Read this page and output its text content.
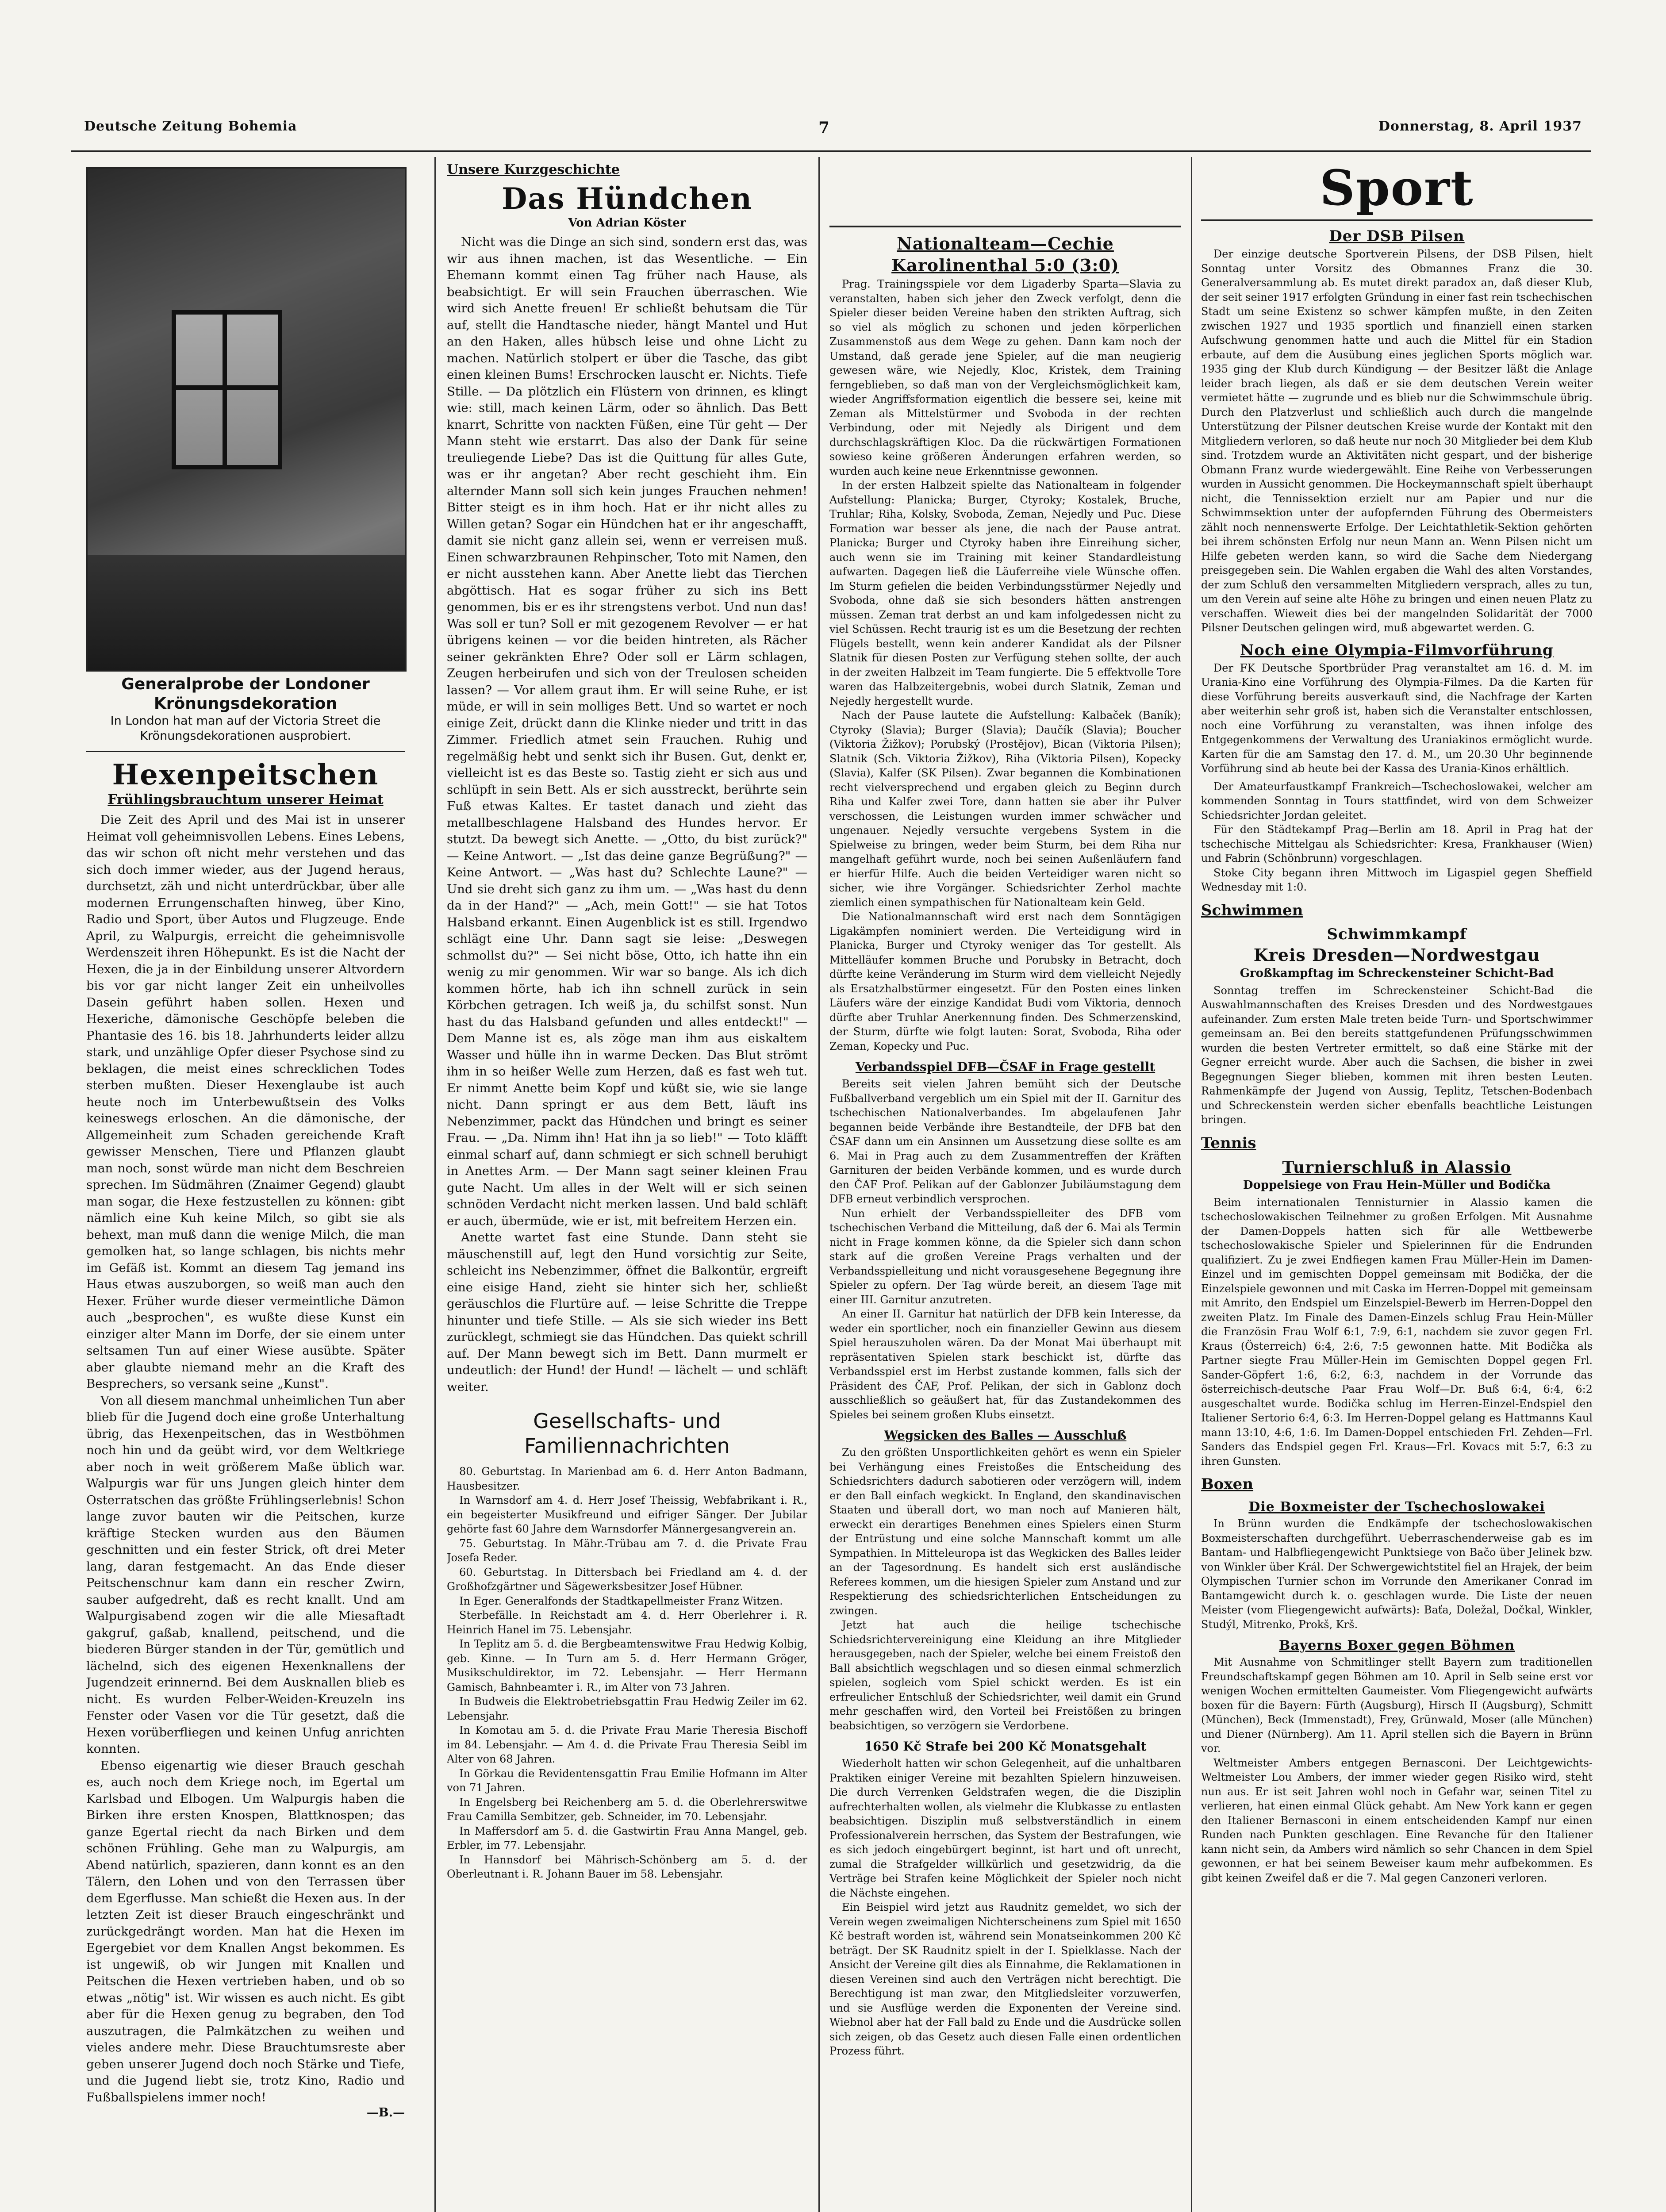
Deutsche Zeitung Bohemia	7	Donnerstag, 8. April 1937
Generalprobe der Londoner Krönungsdekoration
In London hat man auf der Victoria Street die Krönungsdekorationen ausprobiert.
Hexenpeitschen
Frühlingsbrauchtum unserer Heimat

Die Zeit des April und des Mai ist in unserer Heimat voll geheimnisvollen Lebens. Eines Lebens, das wir schon oft nicht mehr verstehen und das sich doch immer wieder, aus der Jugend heraus, durchsetzt, zäh und nicht unterdrückbar, über alle modernen Errungenschaften hinweg, über Kino, Radio und Sport, über Autos und Flugzeuge. Ende April, zu Walpurgis, erreicht die geheimnisvolle Werdenszeit ihren Höhepunkt. Es ist die Nacht der Hexen, die ja in der Einbildung unserer Altvordern bis vor gar nicht langer Zeit ein unheilvolles Dasein geführt haben sollen. Hexen und Hexeriche, dämonische Geschöpfe beleben die Phantasie des 16. bis 18. Jahrhunderts leider allzu stark, und unzählige Opfer dieser Psychose sind zu beklagen, die meist eines schrecklichen Todes sterben mußten. Dieser Hexenglaube ist auch heute noch im Unterbewußtsein des Volks keineswegs erloschen. An die dämonische, der Allgemeinheit zum Schaden gereichende Kraft gewisser Menschen, Tiere und Pflanzen glaubt man noch, sonst würde man nicht dem Beschreien sprechen. Im Südmähren (Znaimer Gegend) glaubt man sogar, die Hexe festzustellen zu können: gibt nämlich eine Kuh keine Milch, so gibt sie als behext, man muß dann die wenige Milch, die man gemolken hat, so lange schlagen, bis nichts mehr im Gefäß ist. Kommt an diesem Tag jemand ins Haus etwas auszuborgen, so weiß man auch den Hexer. Früher wurde dieser vermeintliche Dämon auch „besprochen", es wußte diese Kunst ein einziger alter Mann im Dorfe, der sie einem unter seltsamen Tun auf einer Wiese ausübte. Später aber glaubte niemand mehr an die Kraft des Besprechers, so versank seine „Kunst".

Von all diesem manchmal unheimlichen Tun aber blieb für die Jugend doch eine große Unterhaltung übrig, das Hexenpeitschen, das in Westböhmen noch hin und da geübt wird, vor dem Weltkriege aber noch in weit größerem Maße üblich war. Walpurgis war für uns Jungen gleich hinter dem Osterratschen das größte Frühlingserlebnis! Schon lange zuvor bauten wir die Peitschen, kurze kräftige Stecken wurden aus den Bäumen geschnitten und ein fester Strick, oft drei Meter lang, daran festgemacht. An das Ende dieser Peitschenschnur kam dann ein rescher Zwirn, sauber aufgedreht, daß es recht knallt. Und am Walpurgisabend zogen wir die alle Miesaftadt gakgruf, gaßab, knallend, peitschend, und die biederen Bürger standen in der Tür, gemütlich und lächelnd, sich des eigenen Hexenknallens der Jugendzeit erinnernd. Bei dem Ausknallen blieb es nicht. Es wurden Felber-Weiden-Kreuzeln ins Fenster oder Vasen vor die Tür gesetzt, daß die Hexen vorüberfliegen und keinen Unfug anrichten konnten.

Ebenso eigenartig wie dieser Brauch geschah es, auch noch dem Kriege noch, im Egertal um Karlsbad und Elbogen. Um Walpurgis haben die Birken ihre ersten Knospen, Blattknospen; das ganze Egertal riecht da nach Birken und dem schönen Frühling. Gehe man zu Walpurgis, am Abend natürlich, spazieren, dann konnt es an den Tälern, den Lohen und von den Terrassen über dem Egerflusse. Man schießt die Hexen aus. In der letzten Zeit ist dieser Brauch eingeschränkt und zurückgedrängt worden. Man hat die Hexen im Egergebiet vor dem Knallen Angst bekommen. Es ist ungewiß, ob wir Jungen mit Knallen und Peitschen die Hexen vertrieben haben, und ob so etwas „nötig" ist. Wir wissen es auch nicht. Es gibt aber für die Hexen genug zu begraben, den Tod auszutragen, die Palmkätzchen zu weihen und vieles andere mehr. Diese Brauchtumsreste aber geben unserer Jugend doch noch Stärke und Tiefe, und die Jugend liebt sie, trotz Kino, Radio und Fußballspielens immer noch!

—B.—
Unsere Kurzgeschichte
Das Hündchen
Von Adrian Köster

Nicht was die Dinge an sich sind, sondern erst das, was wir aus ihnen machen, ist das Wesentliche. — Ein Ehemann kommt einen Tag früher nach Hause, als beabsichtigt. Er will sein Frauchen überraschen. Wie wird sich Anette freuen! Er schließt behutsam die Tür auf, stellt die Handtasche nieder, hängt Mantel und Hut an den Haken, alles hübsch leise und ohne Licht zu machen. Natürlich stolpert er über die Tasche, das gibt einen kleinen Bums! Erschrocken lauscht er. Nichts. Tiefe Stille. — Da plötzlich ein Flüstern von drinnen, es klingt wie: still, mach keinen Lärm, oder so ähnlich. Das Bett knarrt, Schritte von nackten Füßen, eine Tür geht — Der Mann steht wie erstarrt. Das also der Dank für seine treuliegende Liebe? Das ist die Quittung für alles Gute, was er ihr angetan? Aber recht geschieht ihm. Ein alternder Mann soll sich kein junges Frauchen nehmen! Bitter steigt es in ihm hoch. Hat er ihr nicht alles zu Willen getan? Sogar ein Hündchen hat er ihr angeschafft, damit sie nicht ganz allein sei, wenn er verreisen muß. Einen schwarzbraunen Rehpinscher, Toto mit Namen, den er nicht ausstehen kann. Aber Anette liebt das Tierchen abgöttisch. Hat es sogar früher zu sich ins Bett genommen, bis er es ihr strengstens verbot. Und nun das! Was soll er tun? Soll er mit gezogenem Revolver — er hat übrigens keinen — vor die beiden hintreten, als Rächer seiner gekränkten Ehre? Oder soll er Lärm schlagen, Zeugen herbeirufen und sich von der Treulosen scheiden lassen? — Vor allem graut ihm. Er will seine Ruhe, er ist müde, er will in sein molliges Bett. Und so wartet er noch einige Zeit, drückt dann die Klinke nieder und tritt in das Zimmer. Friedlich atmet sein Frauchen. Ruhig und regelmäßig hebt und senkt sich ihr Busen. Gut, denkt er, vielleicht ist es das Beste so. Tastig zieht er sich aus und schlüpft in sein Bett. Als er sich ausstreckt, berührte sein Fuß etwas Kaltes. Er tastet danach und zieht das metallbeschlagene Halsband des Hundes hervor. Er stutzt. Da bewegt sich Anette. — „Otto, du bist zurück?" — Keine Antwort. — „Ist das deine ganze Begrüßung?" — Keine Antwort. — „Was hast du? Schlechte Laune?" — Und sie dreht sich ganz zu ihm um. — „Was hast du denn da in der Hand?" — „Ach, mein Gott!" — sie hat Totos Halsband erkannt. Einen Augenblick ist es still. Irgendwo schlägt eine Uhr. Dann sagt sie leise: „Deswegen schmollst du?" — Sei nicht böse, Otto, ich hatte ihn ein wenig zu mir genommen. Wir war so bange. Als ich dich kommen hörte, hab ich ihn schnell zurück in sein Körbchen getragen. Ich weiß ja, du schilfst sonst. Nun hast du das Halsband gefunden und alles entdeckt!" — Dem Manne ist es, als zöge man ihm aus eiskaltem Wasser und hülle ihn in warme Decken. Das Blut strömt ihm in so heißer Welle zum Herzen, daß es fast weh tut. Er nimmt Anette beim Kopf und küßt sie, wie sie lange nicht. Dann springt er aus dem Bett, läuft ins Nebenzimmer, packt das Hündchen und bringt es seiner Frau. — „Da. Nimm ihn! Hat ihn ja so lieb!" — Toto kläfft einmal scharf auf, dann schmiegt er sich schnell beruhigt in Anettes Arm. — Der Mann sagt seiner kleinen Frau gute Nacht. Um alles in der Welt will er sich seinen schnöden Verdacht nicht merken lassen. Und bald schläft er auch, übermüde, wie er ist, mit befreitem Herzen ein.

Anette wartet fast eine Stunde. Dann steht sie mäuschenstill auf, legt den Hund vorsichtig zur Seite, schleicht ins Nebenzimmer, öffnet die Balkontür, ergreift eine eisige Hand, zieht sie hinter sich her, schließt geräuschlos die Flurtüre auf. — leise Schritte die Treppe hinunter und tiefe Stille. — Als sie sich wieder ins Bett zurücklegt, schmiegt sie das Hündchen. Das quiekt schrill auf. Der Mann bewegt sich im Bett. Dann murmelt er undeutlich: der Hund! der Hund! — lächelt — und schläft weiter.

Gesellschafts- und Familiennachrichten

80. Geburtstag. In Marienbad am 6. d. Herr Anton Badmann, Hausbesitzer.

In Warnsdorf am 4. d. Herr Josef Theissig, Webfabrikant i. R., ein begeisterter Musikfreund und eifriger Sänger. Der Jubilar gehörte fast 60 Jahre dem Warnsdorfer Männergesangverein an.

75. Geburtstag. In Mähr.-Trübau am 7. d. die Private Frau Josefa Reder.

60. Geburtstag. In Dittersbach bei Friedland am 4. d. der Großhofzgärtner und Sägewerksbesitzer Josef Hübner.

In Eger. Generalfonds der Stadtkapellmeister Franz Witzen.

Sterbefälle. In Reichstadt am 4. d. Herr Oberlehrer i. R. Heinrich Hanel im 75. Lebensjahr.

In Teplitz am 5. d. die Bergbeamtenswitwe Frau Hedwig Kolbig, geb. Kinne. — In Turn am 5. d. Herr Hermann Gröger, Musikschuldirektor, im 72. Lebensjahr. — Herr Hermann Gamisch, Bahnbeamter i. R., im Alter von 73 Jahren.

In Budweis die Elektrobetriebsgattin Frau Hedwig Zeiler im 62. Lebensjahr.

In Komotau am 5. d. die Private Frau Marie Theresia Bischoff im 84. Lebensjahr. — Am 4. d. die Private Frau Theresia Seibl im Alter von 68 Jahren.

In Görkau die Revidentensgattin Frau Emilie Hofmann im Alter von 71 Jahren.

In Engelsberg bei Reichenberg am 5. d. die Oberlehrerswitwe Frau Camilla Sembitzer, geb. Schneider, im 70. Lebensjahr.

In Maffersdorf am 5. d. die Gastwirtin Frau Anna Mangel, geb. Erbler, im 77. Lebensjahr.

In Hannsdorf bei Mährisch-Schönberg am 5. d. der Oberleutnant i. R. Johann Bauer im 58. Lebensjahr.

Nationalteam—Cechie
Karolinenthal 5:0 (3:0)

Prag. Trainingsspiele vor dem Ligaderby Sparta—Slavia zu veranstalten, haben sich jeher den Zweck verfolgt, denn die Spieler dieser beiden Vereine haben den strikten Auftrag, sich so viel als möglich zu schonen und jeden körperlichen Zusammenstoß aus dem Wege zu gehen. Dann kam noch der Umstand, daß gerade jene Spieler, auf die man neugierig gewesen wäre, wie Nejedly, Kloc, Kristek, dem Training ferngeblieben, so daß man von der Vergleichsmöglichkeit kam, wieder Angriffsformation eigentlich die bessere sei, keine mit Zeman als Mittelstürmer und Svoboda in der rechten Verbindung, oder mit Nejedly als Dirigent und dem durchschlagskräftigen Kloc. Da die rückwärtigen Formationen sowieso keine größeren Änderungen erfahren werden, so wurden auch keine neue Erkenntnisse gewonnen.

In der ersten Halbzeit spielte das Nationalteam in folgender Aufstellung: Planicka; Burger, Ctyroky; Kostalek, Bruche, Truhlar; Riha, Kolsky, Svoboda, Zeman, Nejedly und Puc. Diese Formation war besser als jene, die nach der Pause antrat. Planicka; Burger und Ctyroky haben ihre Einreihung sicher, auch wenn sie im Training mit keiner Standardleistung aufwarten. Dagegen ließ die Läuferreihe viele Wünsche offen. Im Sturm gefielen die beiden Verbindungsstürmer Nejedly und Svoboda, ohne daß sie sich besonders hätten anstrengen müssen. Zeman trat derbst an und kam infolgedessen nicht zu viel Schüssen. Recht traurig ist es um die Besetzung der rechten Flügels bestellt, wenn kein anderer Kandidat als der Pilsner Slatnik für diesen Posten zur Verfügung stehen sollte, der auch in der zweiten Halbzeit im Team fungierte. Die 5 effektvolle Tore waren das Halbzeitergebnis, wobei durch Slatnik, Zeman und Nejedly hergestellt wurde.

Nach der Pause lautete die Aufstellung: Kalbaček (Baník); Ctyroky (Slavia); Burger (Slavia); Daučík (Slavia); Boucher (Viktoria Žižkov); Porubský (Prostějov), Bican (Viktoria Pilsen); Slatnik (Sch. Viktoria Žižkov), Riha (Viktoria Pilsen), Kopecky (Slavia), Kalfer (SK Pilsen). Zwar begannen die Kombinationen recht vielversprechend und ergaben gleich zu Beginn durch Riha und Kalfer zwei Tore, dann hatten sie aber ihr Pulver verschossen, die Leistungen wurden immer schwächer und ungenauer. Nejedly versuchte vergebens System in die Spielweise zu bringen, weder beim Sturm, bei dem Riha nur mangelhaft geführt wurde, noch bei seinen Außenläufern fand er hierfür Hilfe. Auch die beiden Verteidiger waren nicht so sicher, wie ihre Vorgänger. Schiedsrichter Zerhol machte ziemlich einen sympathischen für Nationalteam kein Geld.

Die Nationalmannschaft wird erst nach dem Sonntägigen Ligakämpfen nominiert werden. Die Verteidigung wird in Planicka, Burger und Ctyroky weniger das Tor gestellt. Als Mittelläufer kommen Bruche und Porubsky in Betracht, doch dürfte keine Veränderung im Sturm wird dem vielleicht Nejedly als Ersatzhalbstürmer eingesetzt. Für den Posten eines linken Läufers wäre der einzige Kandidat Budi vom Viktoria, dennoch dürfte aber Truhlar Anerkennung finden. Des Schmerzenskind, der Sturm, dürfte wie folgt lauten: Sorat, Svoboda, Riha oder Zeman, Kopecky und Puc.

Verbandsspiel DFB—ČSAF in Frage gestellt

Bereits seit vielen Jahren bemüht sich der Deutsche Fußballverband vergeblich um ein Spiel mit der II. Garnitur des tschechischen Nationalverbandes. Im abgelaufenen Jahr begannen beide Verbände ihre Bestandteile, der DFB bat den ČSAF dann um ein Ansinnen um Aussetzung diese sollte es am 6. Mai in Prag auch zu dem Zusammentreffen der Kräften Garnituren der beiden Verbände kommen, und es wurde durch den ČAF Prof. Pelikan auf der Gablonzer Jubiläumstagung dem DFB erneut verbindlich versprochen.

Nun erhielt der Verbandsspielleiter des DFB vom tschechischen Verband die Mitteilung, daß der 6. Mai als Termin nicht in Frage kommen könne, da die Spieler sich dann schon stark auf die großen Vereine Prags verhalten und der Verbandsspielleitung und nicht vorausgesehene Begegnung ihre Spieler zu opfern. Der Tag würde bereit, an diesem Tage mit einer III. Garnitur anzutreten.

An einer II. Garnitur hat natürlich der DFB kein Interesse, da weder ein sportlicher, noch ein finanzieller Gewinn aus diesem Spiel herauszuholen wären. Da der Monat Mai überhaupt mit repräsentativen Spielen stark beschickt ist, dürfte das Verbandsspiel erst im Herbst zustande kommen, falls sich der Präsident des ČAF, Prof. Pelikan, der sich in Gablonz doch ausschließlich so geäußert hat, für das Zustandekommen des Spieles bei seinem großen Klubs einsetzt.

Wegsicken des Balles — Ausschluß

Zu den größten Unsportlichkeiten gehört es wenn ein Spieler bei Verhängung eines Freistoßes die Entscheidung des Schiedsrichters dadurch sabotieren oder verzögern will, indem er den Ball einfach wegkickt. In England, den skandinavischen Staaten und überall dort, wo man noch auf Manieren hält, erweckt ein derartiges Benehmen eines Spielers einen Sturm der Entrüstung und eine solche Mannschaft kommt um alle Sympathien. In Mitteleuropa ist das Wegkicken des Balles leider an der Tagesordnung. Es handelt sich erst ausländische Referees kommen, um die hiesigen Spieler zum Anstand und zur Respektierung des schiedsrichterlichen Entscheidungen zu zwingen.

Jetzt hat auch die heilige tschechische Schiedsrichtervereinigung eine Kleidung an ihre Mitglieder herausgegeben, nach der Spieler, welche bei einem Freistoß den Ball absichtlich wegschlagen und so diesen einmal schmerzlich spielen, sogleich vom Spiel schickt werden. Es ist ein erfreulicher Entschluß der Schiedsrichter, weil damit ein Grund mehr geschaffen wird, den Vorteil bei Freistößen zu bringen beabsichtigen, so verzögern sie Verdorbene.

1650 Kč Strafe bei 200 Kč Monatsgehalt

Wiederholt hatten wir schon Gelegenheit, auf die unhaltbaren Praktiken einiger Vereine mit bezahlten Spielern hinzuweisen. Die durch Verrenken Geldstrafen wegen, die die Disziplin aufrechterhalten wollen, als vielmehr die Klubkasse zu entlasten beabsichtigen. Disziplin muß selbstverständlich in einem Professionalverein herrschen, das System der Bestrafungen, wie es sich jedoch eingebürgert beginnt, ist hart und oft unrecht, zumal die Strafgelder willkürlich und gesetzwidrig, da die Verträge bei Strafen keine Möglichkeit der Spieler noch nicht die Nächste eingehen.

Ein Beispiel wird jetzt aus Raudnitz gemeldet, wo sich der Verein wegen zweimaligen Nichterscheinens zum Spiel mit 1650 Kč bestraft worden ist, während sein Monatseinkommen 200 Kč beträgt. Der SK Raudnitz spielt in der I. Spielklasse. Nach der Ansicht der Vereine gilt dies als Einnahme, die Reklamationen in diesen Vereinen sind auch den Verträgen nicht berechtigt. Die Berechtigung ist man zwar, den Mitgliedsleiter vorzuwerfen, und sie Ausflüge werden die Exponenten der Vereine sind. Wiebnol aber hat der Fall bald zu Ende und die Ausdrücke sollen sich zeigen, ob das Gesetz auch diesen Falle einen ordentlichen Prozess führt.

Sport
Der DSB Pilsen

Der einzige deutsche Sportverein Pilsens, der DSB Pilsen, hielt Sonntag unter Vorsitz des Obmannes Franz die 30. Generalversammlung ab. Es mutet direkt paradox an, daß dieser Klub, der seit seiner 1917 erfolgten Gründung in einer fast rein tschechischen Stadt um seine Existenz so schwer kämpfen mußte, in den Zeiten zwischen 1927 und 1935 sportlich und finanziell einen starken Aufschwung genommen hatte und auch die Mittel für ein Stadion erbaute, auf dem die Ausübung eines jeglichen Sports möglich war. 1935 ging der Klub durch Kündigung — der Besitzer läßt die Anlage leider brach liegen, als daß er sie dem deutschen Verein weiter vermietet hätte — zugrunde und es blieb nur die Schwimmschule übrig. Durch den Platzverlust und schließlich auch durch die mangelnde Unterstützung der Pilsner deutschen Kreise wurde der Kontakt mit den Mitgliedern verloren, so daß heute nur noch 30 Mitglieder bei dem Klub sind. Trotzdem wurde an Aktivitäten nicht gespart, und der bisherige Obmann Franz wurde wiedergewählt. Eine Reihe von Verbesserungen wurden in Aussicht genommen. Die Hockeymannschaft spielt überhaupt nicht, die Tennissektion erzielt nur am Papier und nur die Schwimmsektion unter der aufopfernden Führung des Obermeisters zählt noch nennenswerte Erfolge. Der Leichtathletik-Sektion gehörten bei ihrem schönsten Erfolg nur neun Mann an. Wenn Pilsen nicht um Hilfe gebeten werden kann, so wird die Sache dem Niedergang preisgegeben sein. Die Wahlen ergaben die Wahl des alten Vorstandes, der zum Schluß den versammelten Mitgliedern versprach, alles zu tun, um den Verein auf seine alte Höhe zu bringen und einen neuen Platz zu verschaffen. Wieweit dies bei der mangelnden Solidarität der 7000 Pilsner Deutschen gelingen wird, muß abgewartet werden. G.

Noch eine Olympia-Filmvorführung

Der FK Deutsche Sportbrüder Prag veranstaltet am 16. d. M. im Urania-Kino eine Vorführung des Olympia-Filmes. Da die Karten für diese Vorführung bereits ausverkauft sind, die Nachfrage der Karten aber weiterhin sehr groß ist, haben sich die Veranstalter entschlossen, noch eine Vorführung zu veranstalten, was ihnen infolge des Entgegenkommens der Verwaltung des Uraniakinos ermöglicht wurde. Karten für die am Samstag den 17. d. M., um 20.30 Uhr beginnende Vorführung sind ab heute bei der Kassa des Urania-Kinos erhältlich.

Der Amateurfaustkampf Frankreich—Tschechoslowakei, welcher am kommenden Sonntag in Tours stattfindet, wird von dem Schweizer Schiedsrichter Jordan geleitet.

Für den Städtekampf Prag—Berlin am 18. April in Prag hat der tschechische Mittelgau als Schiedsrichter: Kresa, Frankhauser (Wien) und Fabrin (Schönbrunn) vorgeschlagen.

Stoke City begann ihren Mittwoch im Ligaspiel gegen Sheffield Wednesday mit 1:0.

Schwimmen
Schwimmkampf
Kreis Dresden—Nordwestgau
Großkampftag im Schreckensteiner Schicht-Bad

Sonntag treffen im Schreckensteiner Schicht-Bad die Auswahlmannschaften des Kreises Dresden und des Nordwestgaues aufeinander. Zum ersten Male treten beide Turn- und Sportschwimmer gemeinsam an. Bei den bereits stattgefundenen Prüfungsschwimmen wurden die besten Vertreter ermittelt, so daß eine Stärke mit der Gegner erreicht wurde. Aber auch die Sachsen, die bisher in zwei Begegnungen Sieger blieben, kommen mit ihren besten Leuten. Rahmenkämpfe der Jugend von Aussig, Teplitz, Tetschen-Bodenbach und Schreckenstein werden sicher ebenfalls beachtliche Leistungen bringen.

Tennis
Turnierschluß in Alassio
Doppelsiege von Frau Hein-Müller und Bodička

Beim internationalen Tennisturnier in Alassio kamen die tschechoslowakischen Teilnehmer zu großen Erfolgen. Mit Ausnahme der Damen-Doppels hatten sich für alle Wettbewerbe tschechoslowakische Spieler und Spielerinnen für die Endrunden qualifiziert. Zu je zwei Endfiegen kamen Frau Müller-Hein im Damen-Einzel und im gemischten Doppel gemeinsam mit Bodička, der die Einzelspiele gewonnen und mit Caska im Herren-Doppel mit gemeinsam mit Amrito, den Endspiel um Einzelspiel-Bewerb im Herren-Doppel den zweiten Platz. Im Finale des Damen-Einzels schlug Frau Hein-Müller die Französin Frau Wolf 6:1, 7:9, 6:1, nachdem sie zuvor gegen Frl. Kraus (Österreich) 6:4, 2:6, 7:5 gewonnen hatte. Mit Bodička als Partner siegte Frau Müller-Hein im Gemischten Doppel gegen Frl. Sander-Göpfert 1:6, 6:2, 6:3, nachdem in der Vorrunde das österreichisch-deutsche Paar Frau Wolf—Dr. Buß 6:4, 6:4, 6:2 ausgeschaltet wurde. Bodička schlug im Herren-Einzel-Endspiel den Italiener Sertorio 6:4, 6:3. Im Herren-Doppel gelang es Hattmanns Kaul mann 13:10, 4:6, 1:6. Im Damen-Doppel entschieden Frl. Zehden—Frl. Sanders das Endspiel gegen Frl. Kraus—Frl. Kovacs mit 5:7, 6:3 zu ihren Gunsten.

Boxen
Die Boxmeister der Tschechoslowakei

In Brünn wurden die Endkämpfe der tschechoslowakischen Boxmeisterschaften durchgeführt. Ueberraschenderweise gab es im Bantam- und Halbfliegengewicht Punktsiege von Bačo über Jelinek bzw. von Winkler über Král. Der Schwergewichtstitel fiel an Hrajek, der beim Olympischen Turnier schon im Vorrunde den Amerikaner Conrad im Bantamgewicht durch k. o. geschlagen wurde. Die Liste der neuen Meister (vom Fliegengewicht aufwärts): Baťa, Doležal, Dočkal, Winkler, Studýl, Mitrenko, Prokš, Krš.

Bayerns Boxer gegen Böhmen

Mit Ausnahme von Schmitlinger stellt Bayern zum traditionellen Freundschaftskampf gegen Böhmen am 10. April in Selb seine erst vor wenigen Wochen ermittelten Gaumeister. Vom Fliegengewicht aufwärts boxen für die Bayern: Fürth (Augsburg), Hirsch II (Augsburg), Schmitt (München), Beck (Immenstadt), Frey, Grünwald, Moser (alle München) und Diener (Nürnberg). Am 11. April stellen sich die Bayern in Brünn vor.

Weltmeister Ambers entgegen Bernasconi. Der Leichtgewichts-Weltmeister Lou Ambers, der immer wieder gegen Risiko wird, steht nun aus. Er ist seit Jahren wohl noch in Gefahr war, seinen Titel zu verlieren, hat einen einmal Glück gehabt. Am New York kann er gegen den Italiener Bernasconi in einem entscheidenden Kampf nur einen Runden nach Punkten geschlagen. Eine Revanche für den Italiener kann nicht sein, da Ambers wird nämlich so sehr Chancen in dem Spiel gewonnen, er hat bei seinem Beweiser kaum mehr aufbekommen. Es gibt keinen Zweifel daß er die 7. Mal gegen Canzoneri verloren.
